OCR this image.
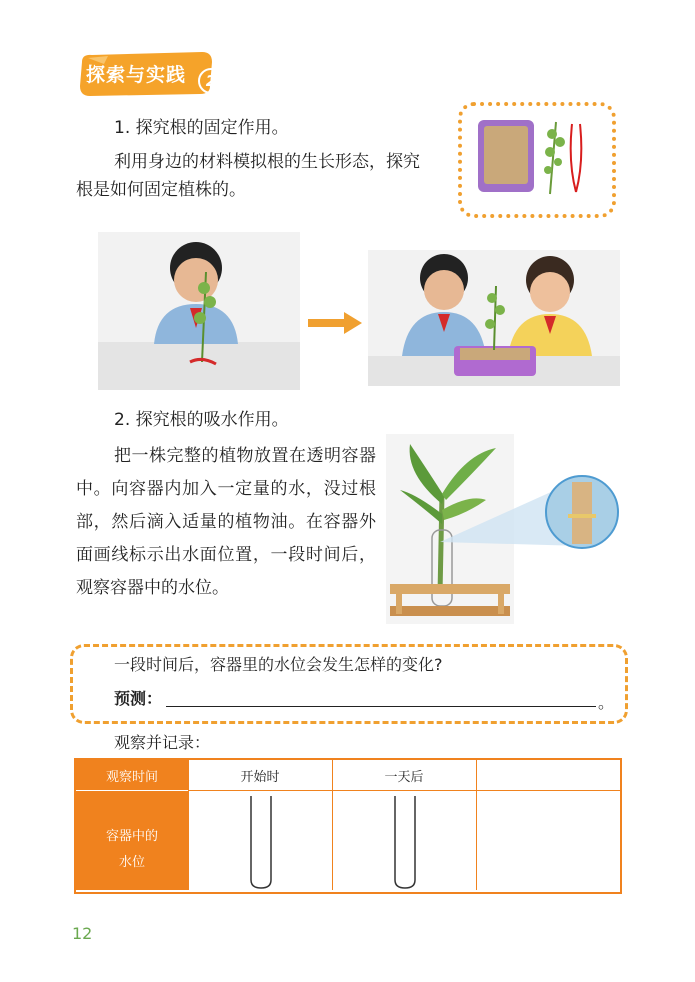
探索与实践	2
1. 探究根的固定作用。
利用身边的材料模拟根的生长形态，探究
根是如何固定植株的。
2. 探究根的吸水作用。
把一株完整的植物放置在透明容器中。向容器内加入一定量的水，没过根部，然后滴入适量的植物油。在容器外面画线标示出水面位置，一段时间后，观察容器中的水位。
一段时间后，容器里的水位会发生怎样的变化?
预测：	。
观察并记录：
观察时间	开始时	一天后
容器中的
水位
12
